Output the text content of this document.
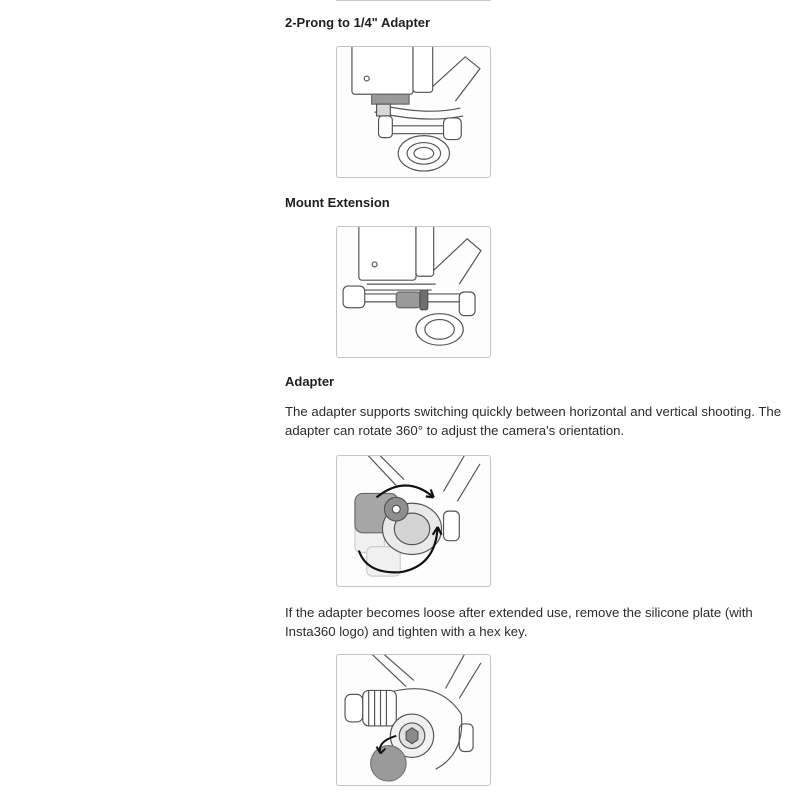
2-Prong to 1/4" Adapter
Mount Extension
Adapter

The adapter supports switching quickly between horizontal and vertical shooting. The adapter can rotate 360° to adjust the camera's orientation.

If the adapter becomes loose after extended use, remove the silicone plate (with Insta360 logo) and tighten with a hex key.
